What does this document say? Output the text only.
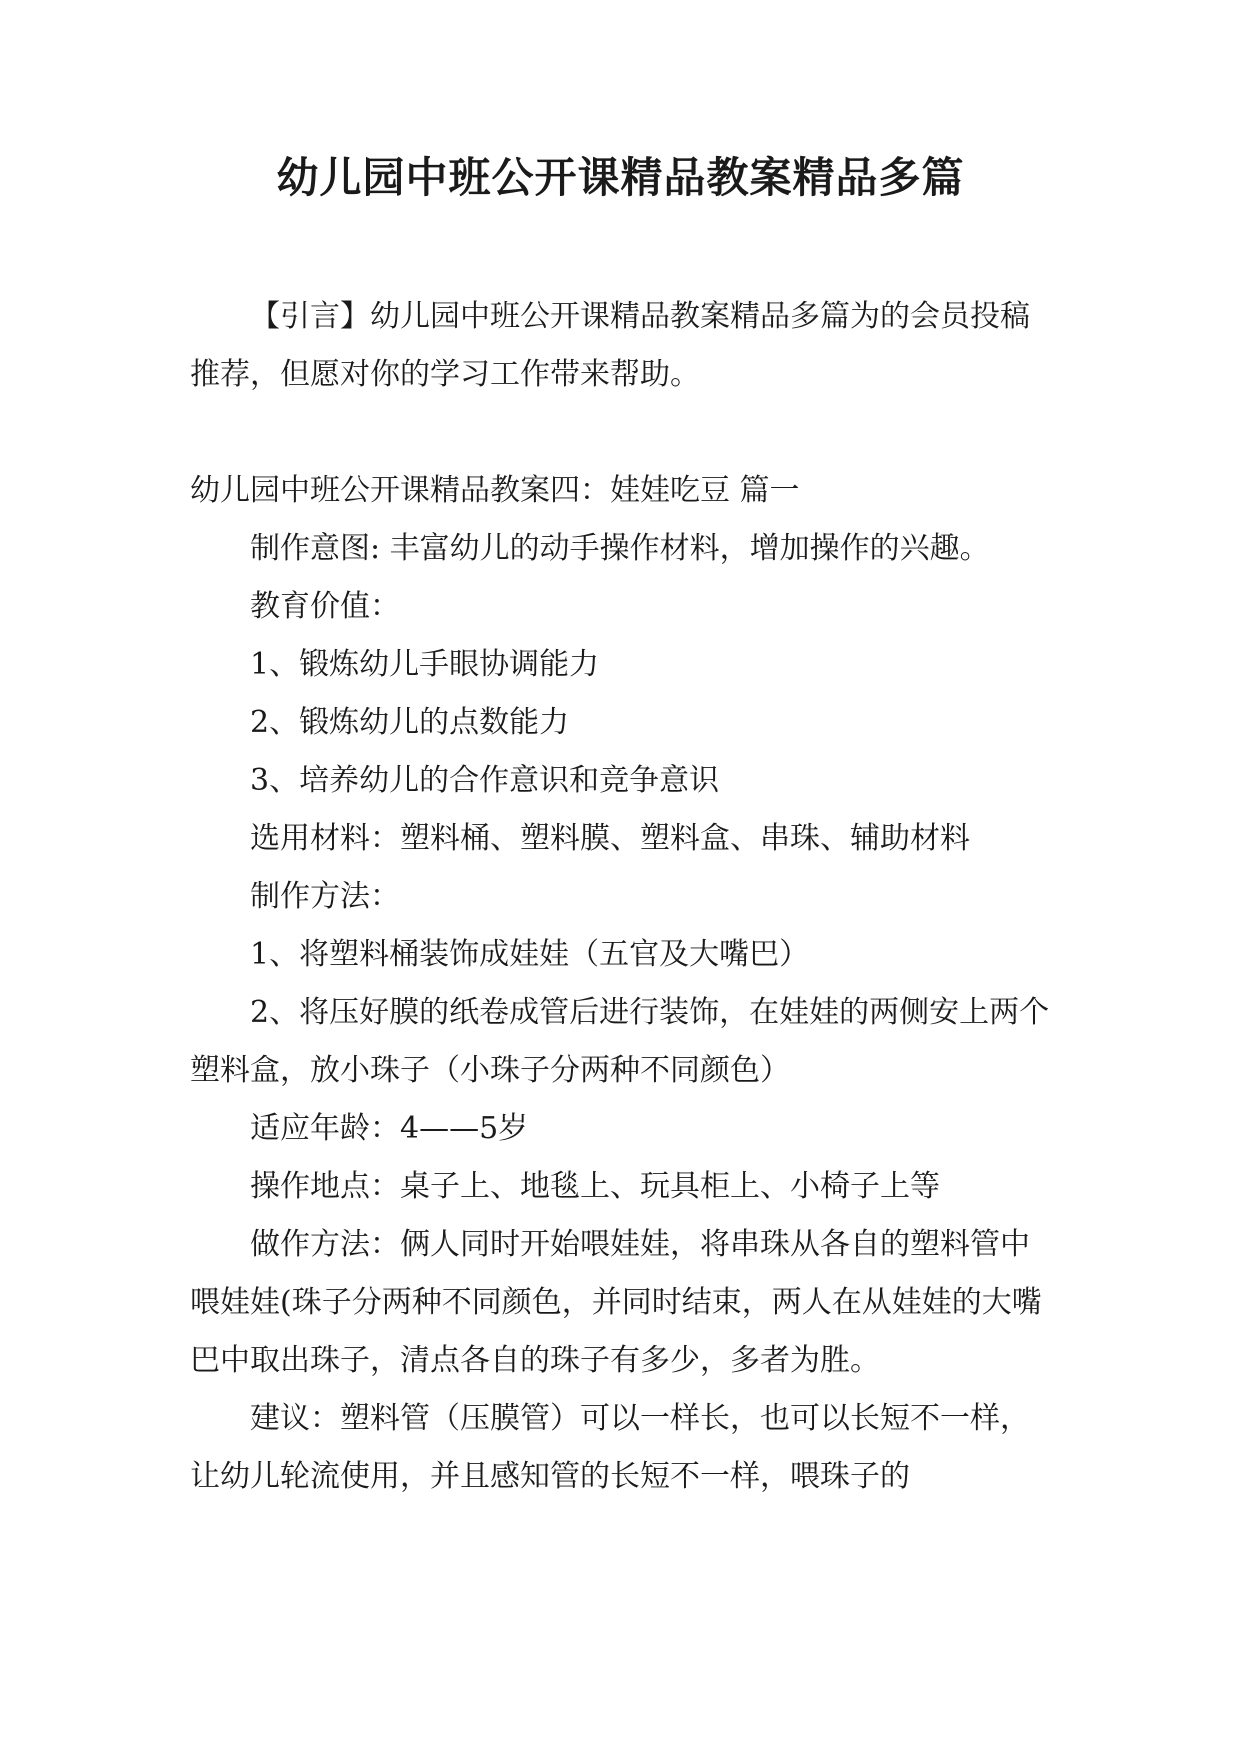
幼儿园中班公开课精品教案精品多篇

【引言】幼儿园中班公开课精品教案精品多篇为的会员投稿推荐，但愿对你的学习工作带来帮助。

幼儿园中班公开课精品教案四：娃娃吃豆 篇一

制作意图: 丰富幼儿的动手操作材料，增加操作的兴趣。

教育价值：

1、锻炼幼儿手眼协调能力

2、锻炼幼儿的点数能力

3、培养幼儿的合作意识和竞争意识

选用材料：塑料桶、塑料膜、塑料盒、串珠、辅助材料

制作方法：

1、将塑料桶装饰成娃娃（五官及大嘴巴）

2、将压好膜的纸卷成管后进行装饰，在娃娃的两侧安上两个塑料盒，放小珠子（小珠子分两种不同颜色）

适应年龄：4——5岁

操作地点：桌子上、地毯上、玩具柜上、小椅子上等

做作方法：俩人同时开始喂娃娃，将串珠从各自的塑料管中喂娃娃(珠子分两种不同颜色，并同时结束，两人在从娃娃的大嘴巴中取出珠子，清点各自的珠子有多少，多者为胜。

建议：塑料管（压膜管）可以一样长，也可以长短不一样，让幼儿轮流使用，并且感知管的长短不一样，喂珠子的
